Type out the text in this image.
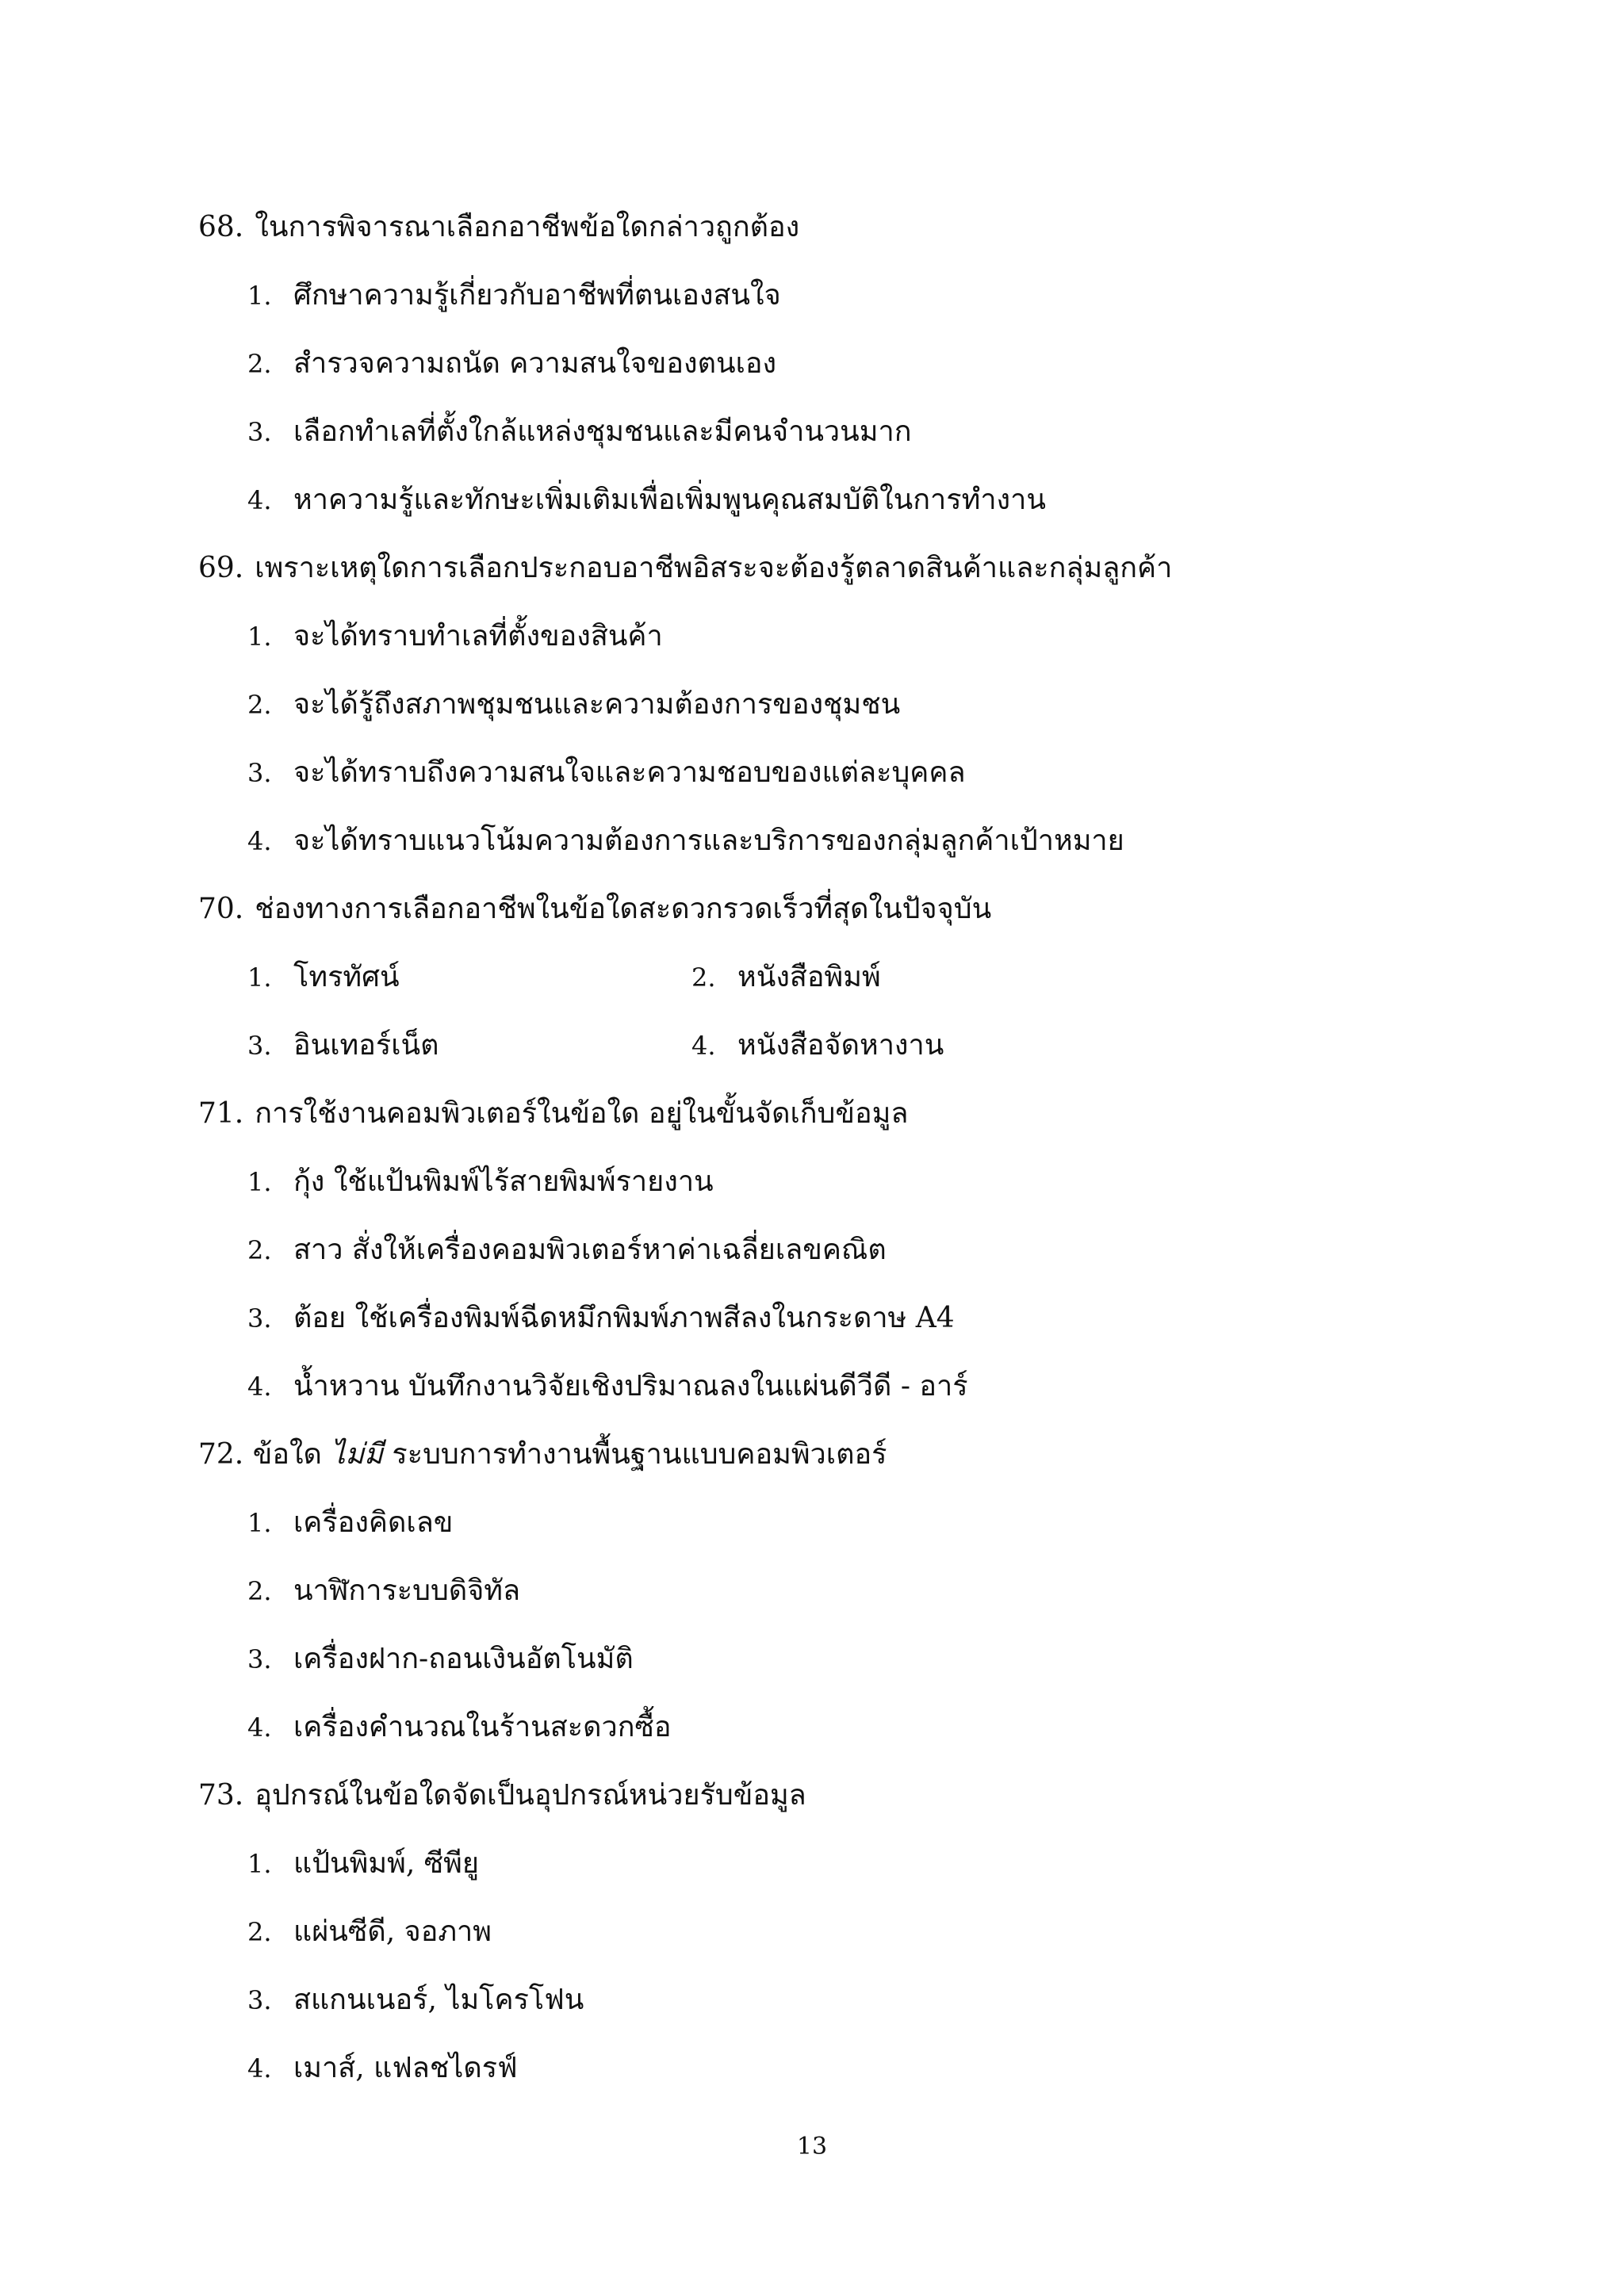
68. ในการพิจารณาเลือกอาชีพข้อใดกล่าวถูกต้อง
1. ศึกษาความรู้เกี่ยวกับอาชีพที่ตนเองสนใจ
2. สำรวจความถนัด ความสนใจของตนเอง
3. เลือกทำเลที่ตั้งใกล้แหล่งชุมชนและมีคนจำนวนมาก
4. หาความรู้และทักษะเพิ่มเติมเพื่อเพิ่มพูนคุณสมบัติในการทำงาน
69. เพราะเหตุใดการเลือกประกอบอาชีพอิสระจะต้องรู้ตลาดสินค้าและกลุ่มลูกค้า
1. จะได้ทราบทำเลที่ตั้งของสินค้า
2. จะได้รู้ถึงสภาพชุมชนและความต้องการของชุมชน
3. จะได้ทราบถึงความสนใจและความชอบของแต่ละบุคคล
4. จะได้ทราบแนวโน้มความต้องการและบริการของกลุ่มลูกค้าเป้าหมาย
70. ช่องทางการเลือกอาชีพในข้อใดสะดวกรวดเร็วที่สุดในปัจจุบัน
1. โทรทัศน์	2. หนังสือพิมพ์
3. อินเทอร์เน็ต	4. หนังสือจัดหางาน
71. การใช้งานคอมพิวเตอร์ในข้อใด อยู่ในขั้นจัดเก็บข้อมูล
1. กุ้ง ใช้แป้นพิมพ์ไร้สายพิมพ์รายงาน
2. สาว สั่งให้เครื่องคอมพิวเตอร์หาค่าเฉลี่ยเลขคณิต
3. ต้อย ใช้เครื่องพิมพ์ฉีดหมึกพิมพ์ภาพสีลงในกระดาษ A4
4. น้ำหวาน บันทึกงานวิจัยเชิงปริมาณลงในแผ่นดีวีดี - อาร์
72. ข้อใด ไม่มี ระบบการทำงานพื้นฐานแบบคอมพิวเตอร์
1. เครื่องคิดเลข
2. นาฬิการะบบดิจิทัล
3. เครื่องฝาก-ถอนเงินอัตโนมัติ
4. เครื่องคำนวณในร้านสะดวกซื้อ
73. อุปกรณ์ในข้อใดจัดเป็นอุปกรณ์หน่วยรับข้อมูล
1. แป้นพิมพ์, ซีพียู
2. แผ่นซีดี, จอภาพ
3. สแกนเนอร์, ไมโครโฟน
4. เมาส์, แฟลชไดรฟ์
13
